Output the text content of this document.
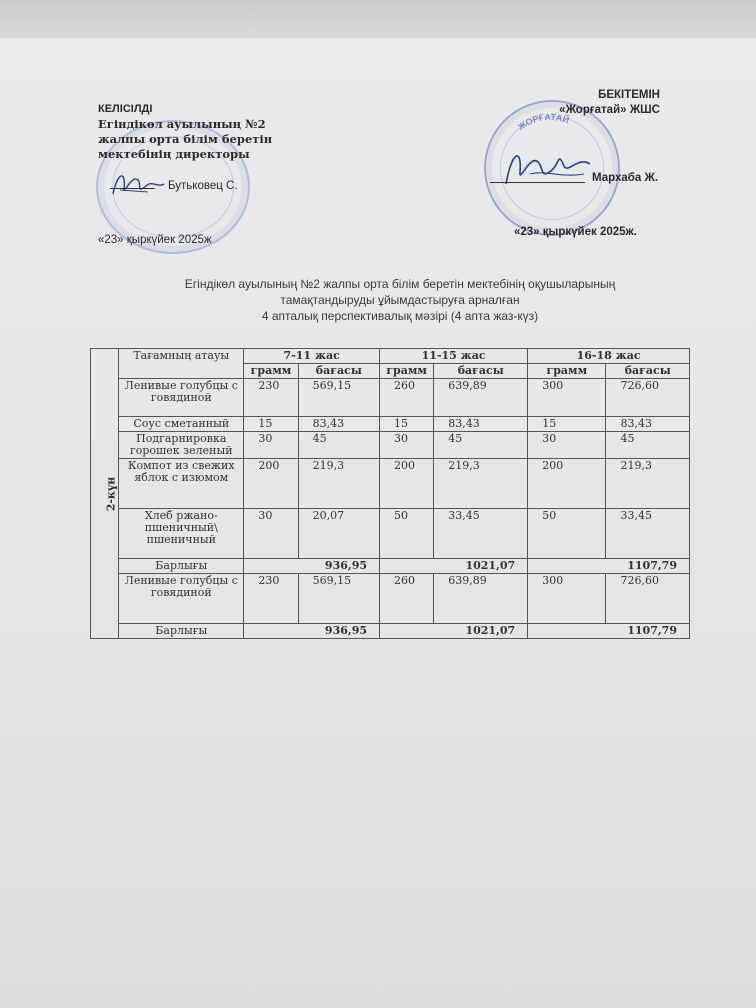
ЖОРҒАТАЙ
КЕЛІСІЛДІ
Егіндікөл ауылының №2
жалпы орта білім беретін
мектебінің директоры
Бутьковец С.
«23» қыркүйек 2025ж
БЕКІТЕМІН
«Жорғатай» ЖШС
Мархаба Ж.
«23» қыркүйек 2025ж.
Егіндікөл ауылының №2 жалпы орта білім беретін мектебінің оқушыларының
тамақтандыруды ұйымдастыруға арналған
4 апталық перспективалық мәзірі (4 апта жаз-күз)
2-күн	Тағамның атауы	7-11 жас		11-15 жас		16-18 жас	
		грамм	бағасы	грамм	бағасы	грамм	бағасы
	Ленивые голубцы с говядиной	230	569,15	260	639,89	300	726,60
	Соус сметанный	15	83,43	15	83,43	15	83,43
	Подгарнировка горошек зеленый	30	45	30	45	30	45
	Компот из свежих яблок с изюмом	200	219,3	200	219,3	200	219,3
	Хлеб ржано-пшеничный\ пшеничный	30	20,07	50	33,45	50	33,45
	Барлығы	936,95		1021,07		1107,79	
	Ленивые голубцы с говядиной	230	569,15	260	639,89	300	726,60
	Барлығы	936,95		1021,07		1107,79	
